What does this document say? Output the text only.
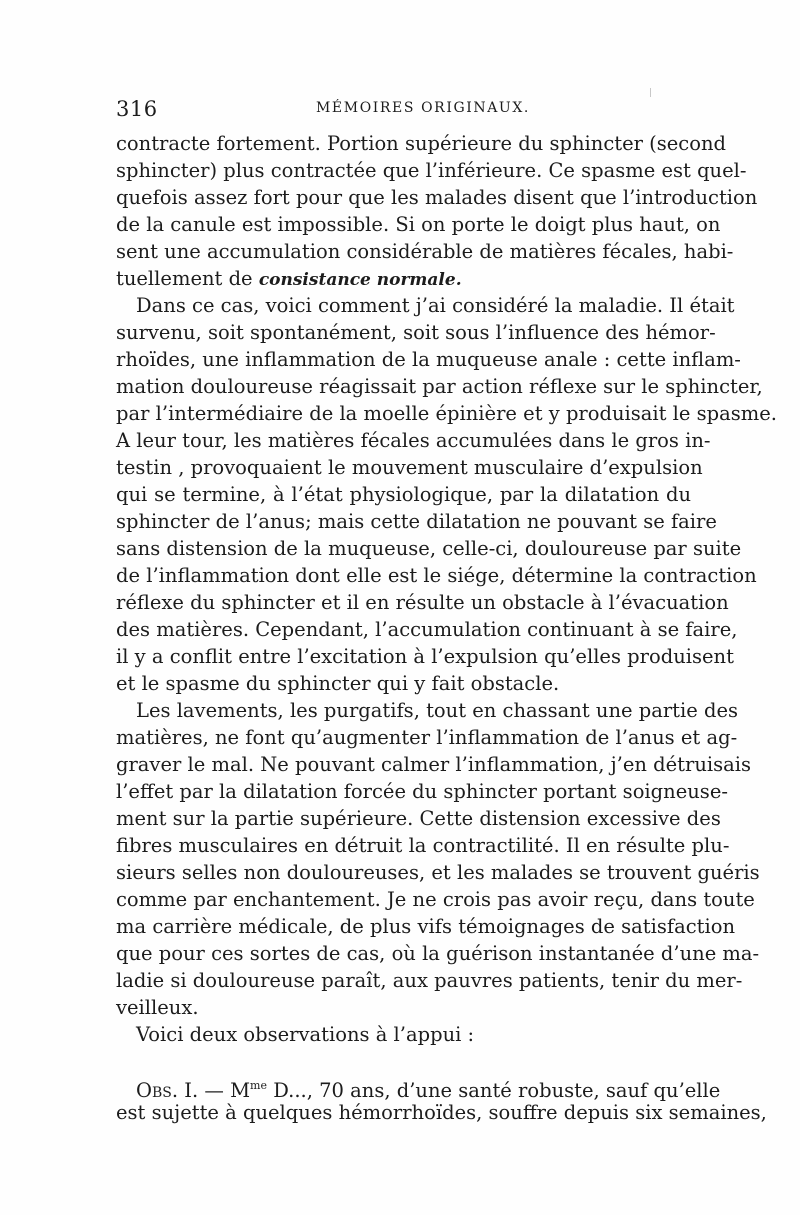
316	MÉMOIRES ORIGINAUX.
contracte fortement. Portion supérieure du sphincter (second
sphincter) plus contractée que l’inférieure. Ce spasme est quel-
quefois assez fort pour que les malades disent que l’introduction
de la canule est impossible. Si on porte le doigt plus haut, on
sent une accumulation considérable de matières fécales, habi-
tuellement de consistance normale.
Dans ce cas, voici comment j’ai considéré la maladie. Il était
survenu, soit spontanément, soit sous l’influence des hémor-
rhoïdes, une inflammation de la muqueuse anale : cette inflam-
mation douloureuse réagissait par action réflexe sur le sphincter,
par l’intermédiaire de la moelle épinière et y produisait le spasme.
A leur tour, les matières fécales accumulées dans le gros in-
testin , provoquaient le mouvement musculaire d’expulsion
qui se termine, à l’état physiologique, par la dilatation du
sphincter de l’anus; mais cette dilatation ne pouvant se faire
sans distension de la muqueuse, celle-ci, douloureuse par suite
de l’inflammation dont elle est le siége, détermine la contraction
réflexe du sphincter et il en résulte un obstacle à l’évacuation
des matières. Cependant, l’accumulation continuant à se faire,
il y a conflit entre l’excitation à l’expulsion qu’elles produisent
et le spasme du sphincter qui y fait obstacle.
Les lavements, les purgatifs, tout en chassant une partie des
matières, ne font qu’augmenter l’inflammation de l’anus et ag-
graver le mal. Ne pouvant calmer l’inflammation, j’en détruisais
l’effet par la dilatation forcée du sphincter portant soigneuse-
ment sur la partie supérieure. Cette distension excessive des
fibres musculaires en détruit la contractilité. Il en résulte plu-
sieurs selles non douloureuses, et les malades se trouvent guéris
comme par enchantement. Je ne crois pas avoir reçu, dans toute
ma carrière médicale, de plus vifs témoignages de satisfaction
que pour ces sortes de cas, où la guérison instantanée d’une ma-
ladie si douloureuse paraît, aux pauvres patients, tenir du mer-
veilleux.
Voici deux observations à l’appui :
Obs. I. — $M^{me}$ D..., 70 ans, d’une santé robuste, sauf qu’elle
est sujette à quelques hémorrhoïdes, souffre depuis six semaines,
